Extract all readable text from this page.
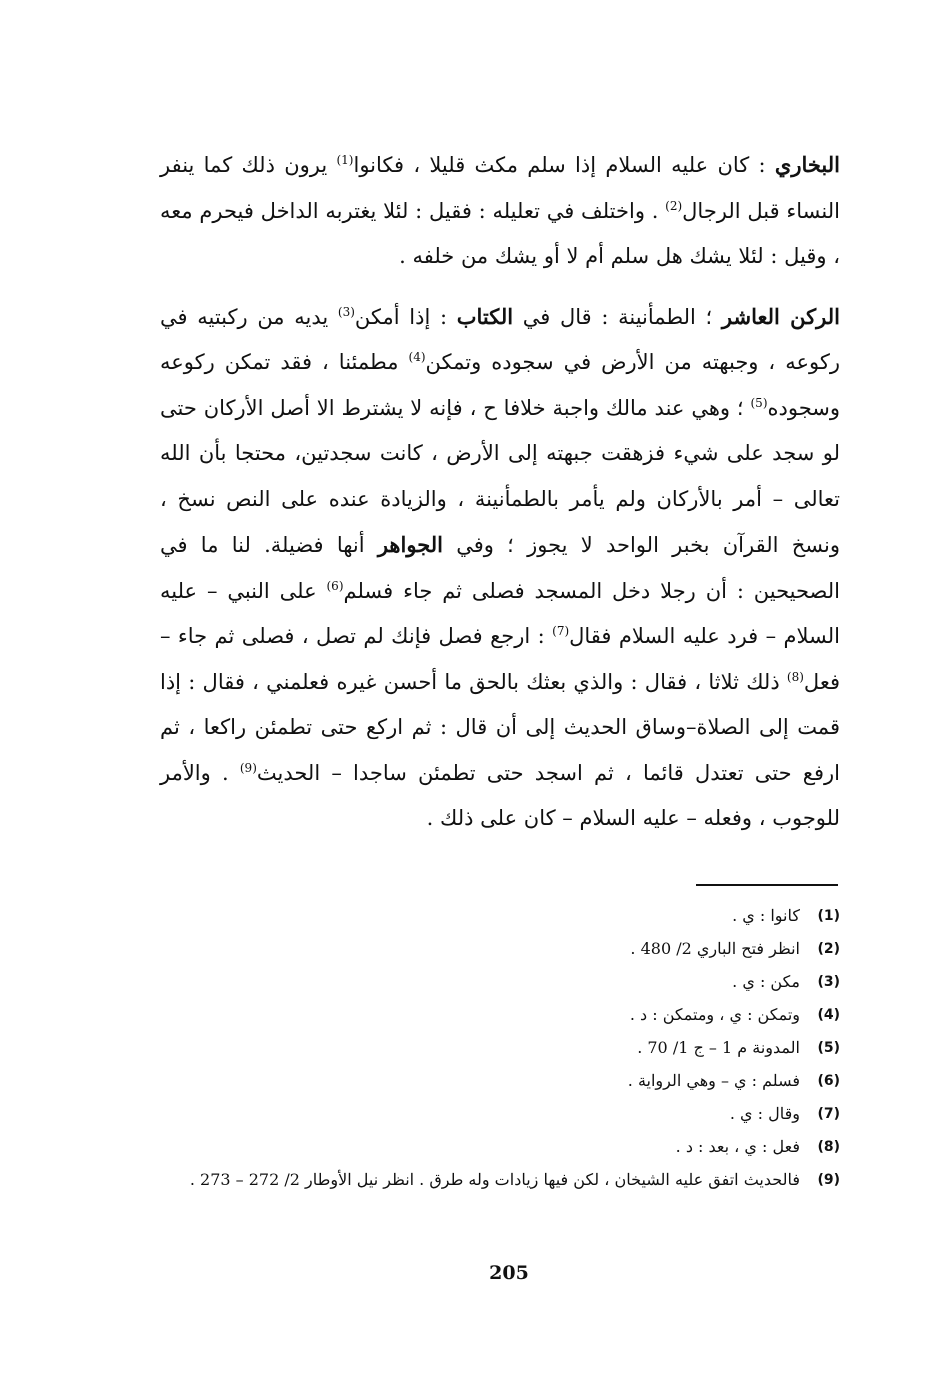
البخاري : كان عليه السلام إذا سلم مكث قليلا ، فكانوا$^{(1)}$ يرون ذلك كما ينفر النساء قبل الرجال$^{(2)}$ . واختلف في تعليله : فقيل : لئلا يغتربه الداخل فيحرم معه ، وقيل : لئلا يشك هل سلم أم لا أو يشك من خلفه .

الركن العاشر ؛ الطمأنينة : قال في الكتاب : إذا أمكن$^{(3)}$ يديه من ركبتيه في ركوعه ، وجبهته من الأرض في سجوده وتمكن$^{(4)}$ مطمئنا ، فقد تمكن ركوعه وسجوده$^{(5)}$ ؛ وهي عند مالك واجبة خلافا ح ، فإنه لا يشترط الا أصل الأركان حتى لو سجد على شيء فزهقت جبهته إلى الأرض ، كانت سجدتين، محتجا بأن الله تعالى – أمر بالأركان ولم يأمر بالطمأنينة ، والزيادة عنده على النص نسخ ، ونسخ القرآن بخبر الواحد لا يجوز ؛ وفي الجواهر أنها فضيلة. لنا ما في الصحيحين : أن رجلا دخل المسجد فصلى ثم جاء فسلم$^{(6)}$ على النبي – عليه السلام – فرد عليه السلام فقال$^{(7)}$ : ارجع فصل فإنك لم تصل ، فصلى ثم جاء – فعل$^{(8)}$ ذلك ثلاثا ، فقال : والذي بعثك بالحق ما أحسن غيره فعلمني ، فقال : إذا قمت إلى الصلاة–وساق الحديث إلى أن قال : ثم اركع حتى تطمئن راكعا ، ثم ارفع حتى تعتدل قائما ، ثم اسجد حتى تطمئن ساجدا – الحديث$^{(9)}$ . والأمر للوجوب ، وفعله – عليه السلام – كان على ذلك .

(1)
كانوا : ي .
(2)
انظر فتح الباري 2/ 480 .
(3)
مكن : ي .
(4)
وتمكن : ي ، ومتمكن : د .
(5)
المدونة م 1 – ج 1/ 70 .
(6)
فسلم : ي – وهي الرواية .
(7)
وقال : ي .
(8)
فعل : ي ، بعد : د .
(9)
فالحديث اتفق عليه الشيخان ، لكن فيها زيادات وله طرق . انظر نيل الأوطار 2/ 272 – 273 .
205
